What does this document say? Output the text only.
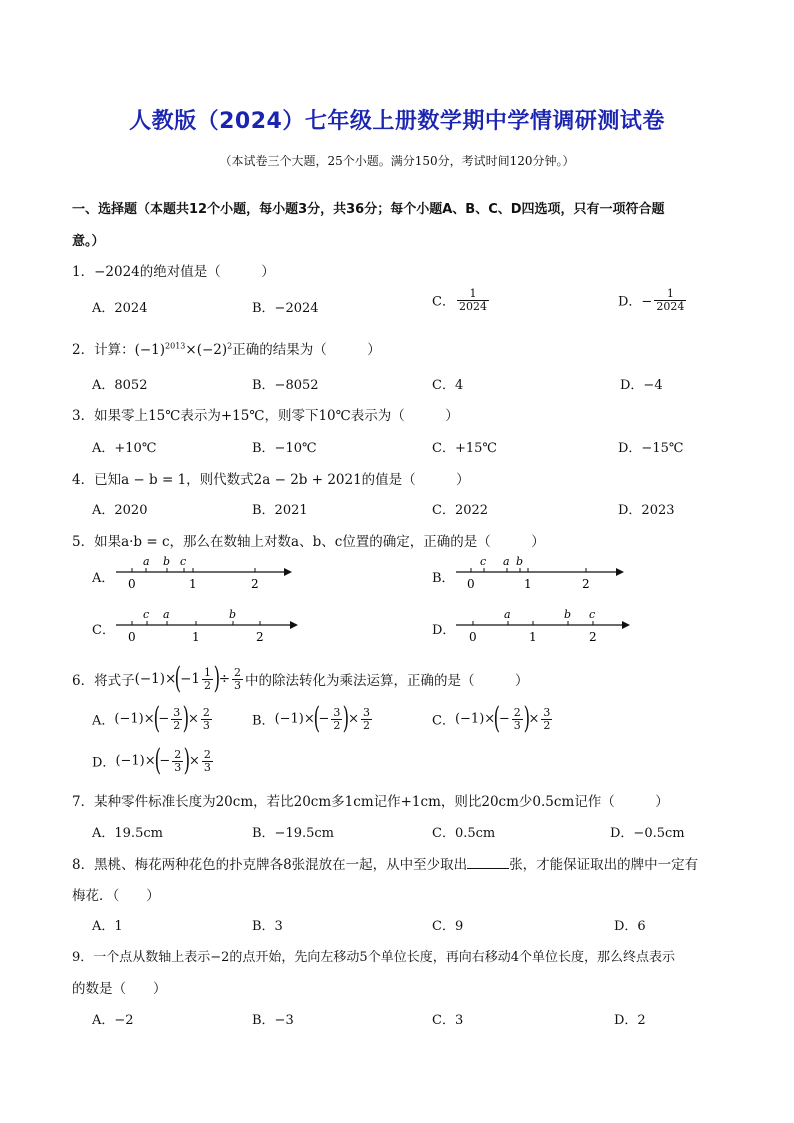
人教版（2024）七年级上册数学期中学情调研测试卷
（本试卷三个大题，25个小题。满分150分，考试时间120分钟。）
一、选择题（本题共12个小题，每小题3分，共36分；每个小题A、B、C、D四选项，只有一项符合题
意。）
1．−2024的绝对值是（　　　）
A．2024	B．−2024	C． $\frac{1}{2024}$	D．− $\frac{1}{2024}$
2．计算：$(-1)^{2013}\times(-2)^2$正确的结果为（　　　）
A．8052	B．−8052	C．4	D．−4
3．如果零上15℃表示为+15℃，则零下10℃表示为（　　　）
A．+10℃	B．−10℃	C．+15℃	D．−15℃
4．已知a − b = 1，则代数式2a − 2b + 2021的值是（　　　）
A．2020	B．2021	C．2022	D．2023
5．如果a·b = c，那么在数轴上对数a、b、c位置的确定，正确的是（　　　）
A．
a b c
0	1	2	B．
c a b
0	1	2
C．
c a	b
0	1	2	D．
a	b c
0	1	2
6．将式子$(-1)\times(-1 \frac{1}{2}$ )÷ $\frac{2}{3}$ 中的除法转化为乘法运算，正确的是（　　　）
A．$(-1)\times(- \frac{3}{2}$ )× $\frac{2}{3}$	B．$(-1)\times(- \frac{3}{2}$ )× $\frac{3}{2}$	C．$(-1)\times(- \frac{2}{3}$ )× $\frac{3}{2}$
D．$(-1)\times(- \frac{2}{3}$ )× $\frac{2}{3}$
7．某种零件标准长度为20cm，若比20cm多1cm记作+1cm，则比20cm少0.5cm记作（　　　）
A．19.5cm	B．−19.5cm	C．0.5cm	D．−0.5cm
8．黑桃、梅花两种花色的扑克牌各8张混放在一起，从中至少取出	张，才能保证取出的牌中一定有
梅花．（　　）
A．1	B．3	C．9	D．6
9．一个点从数轴上表示−2的点开始，先向左移动5个单位长度，再向右移动4个单位长度，那么终点表示
的数是（　　）
A．−2	B．−3	C．3	D．2
